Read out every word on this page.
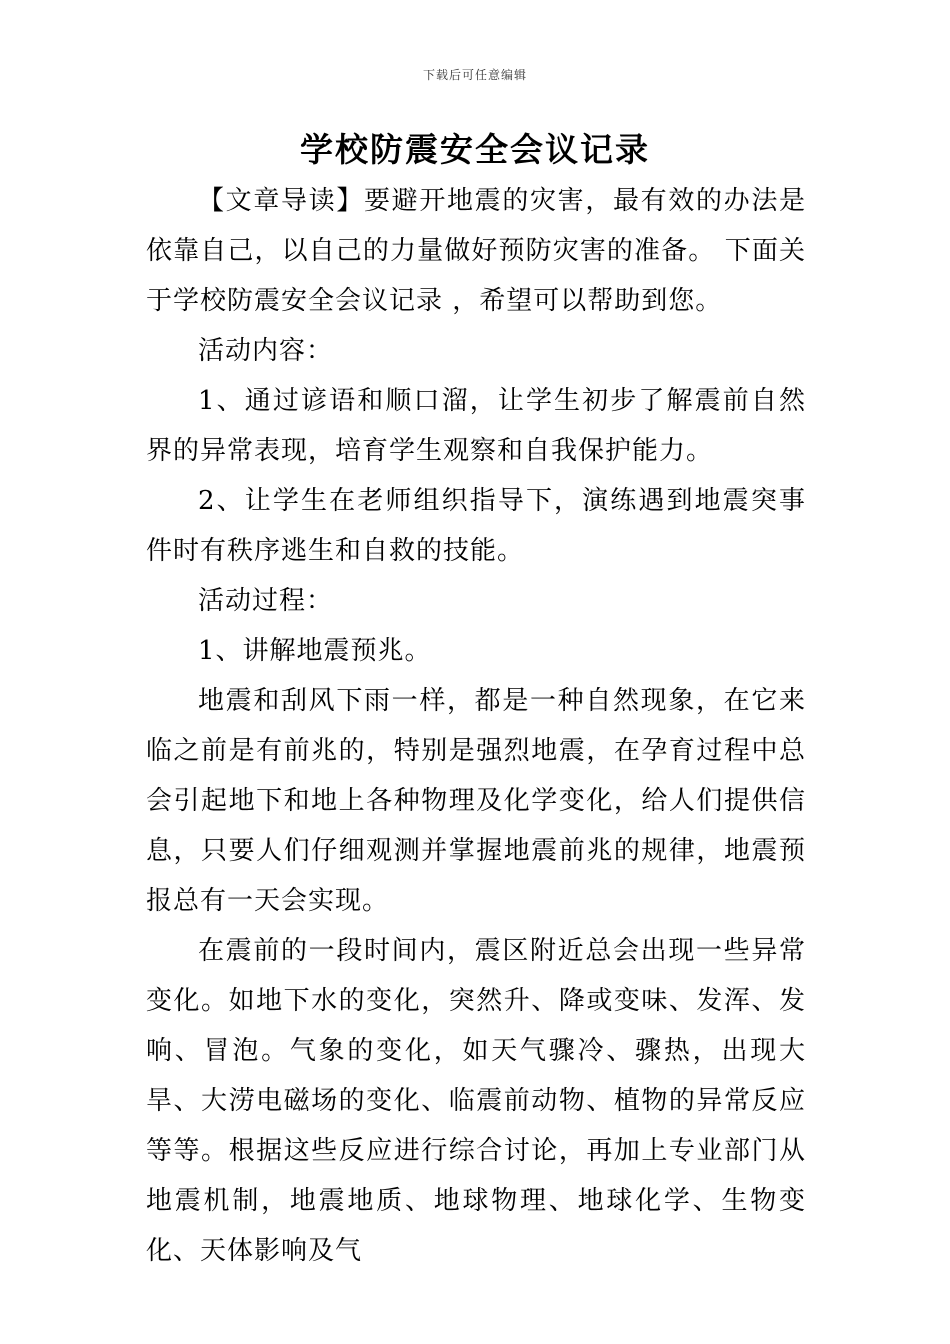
下载后可任意编辑
学校防震安全会议记录

【文章导读】要避开地震的灾害，最有效的办法是依靠自己，以自己的力量做好预防灾害的准备。 下面关于学校防震安全会议记录 ，希望可以帮助到您。

活动内容：

1、通过谚语和顺口溜，让学生初步了解震前自然界的异常表现，培育学生观察和自我保护能力。

2、让学生在老师组织指导下，演练遇到地震突事件时有秩序逃生和自救的技能。

活动过程：

1、讲解地震预兆。

地震和刮风下雨一样，都是一种自然现象，在它来临之前是有前兆的，特别是强烈地震，在孕育过程中总会引起地下和地上各种物理及化学变化，给人们提供信息，只要人们仔细观测并掌握地震前兆的规律，地震预报总有一天会实现。

在震前的一段时间内，震区附近总会出现一些异常变化。如地下水的变化，突然升、降或变味、发浑、发响、冒泡。气象的变化，如天气骤冷、骤热，出现大旱、大涝电磁场的变化、临震前动物、植物的异常反应等等。根据这些反应进行综合讨论，再加上专业部门从地震机制，地震地质、地球物理、地球化学、生物变化、天体影响及气
